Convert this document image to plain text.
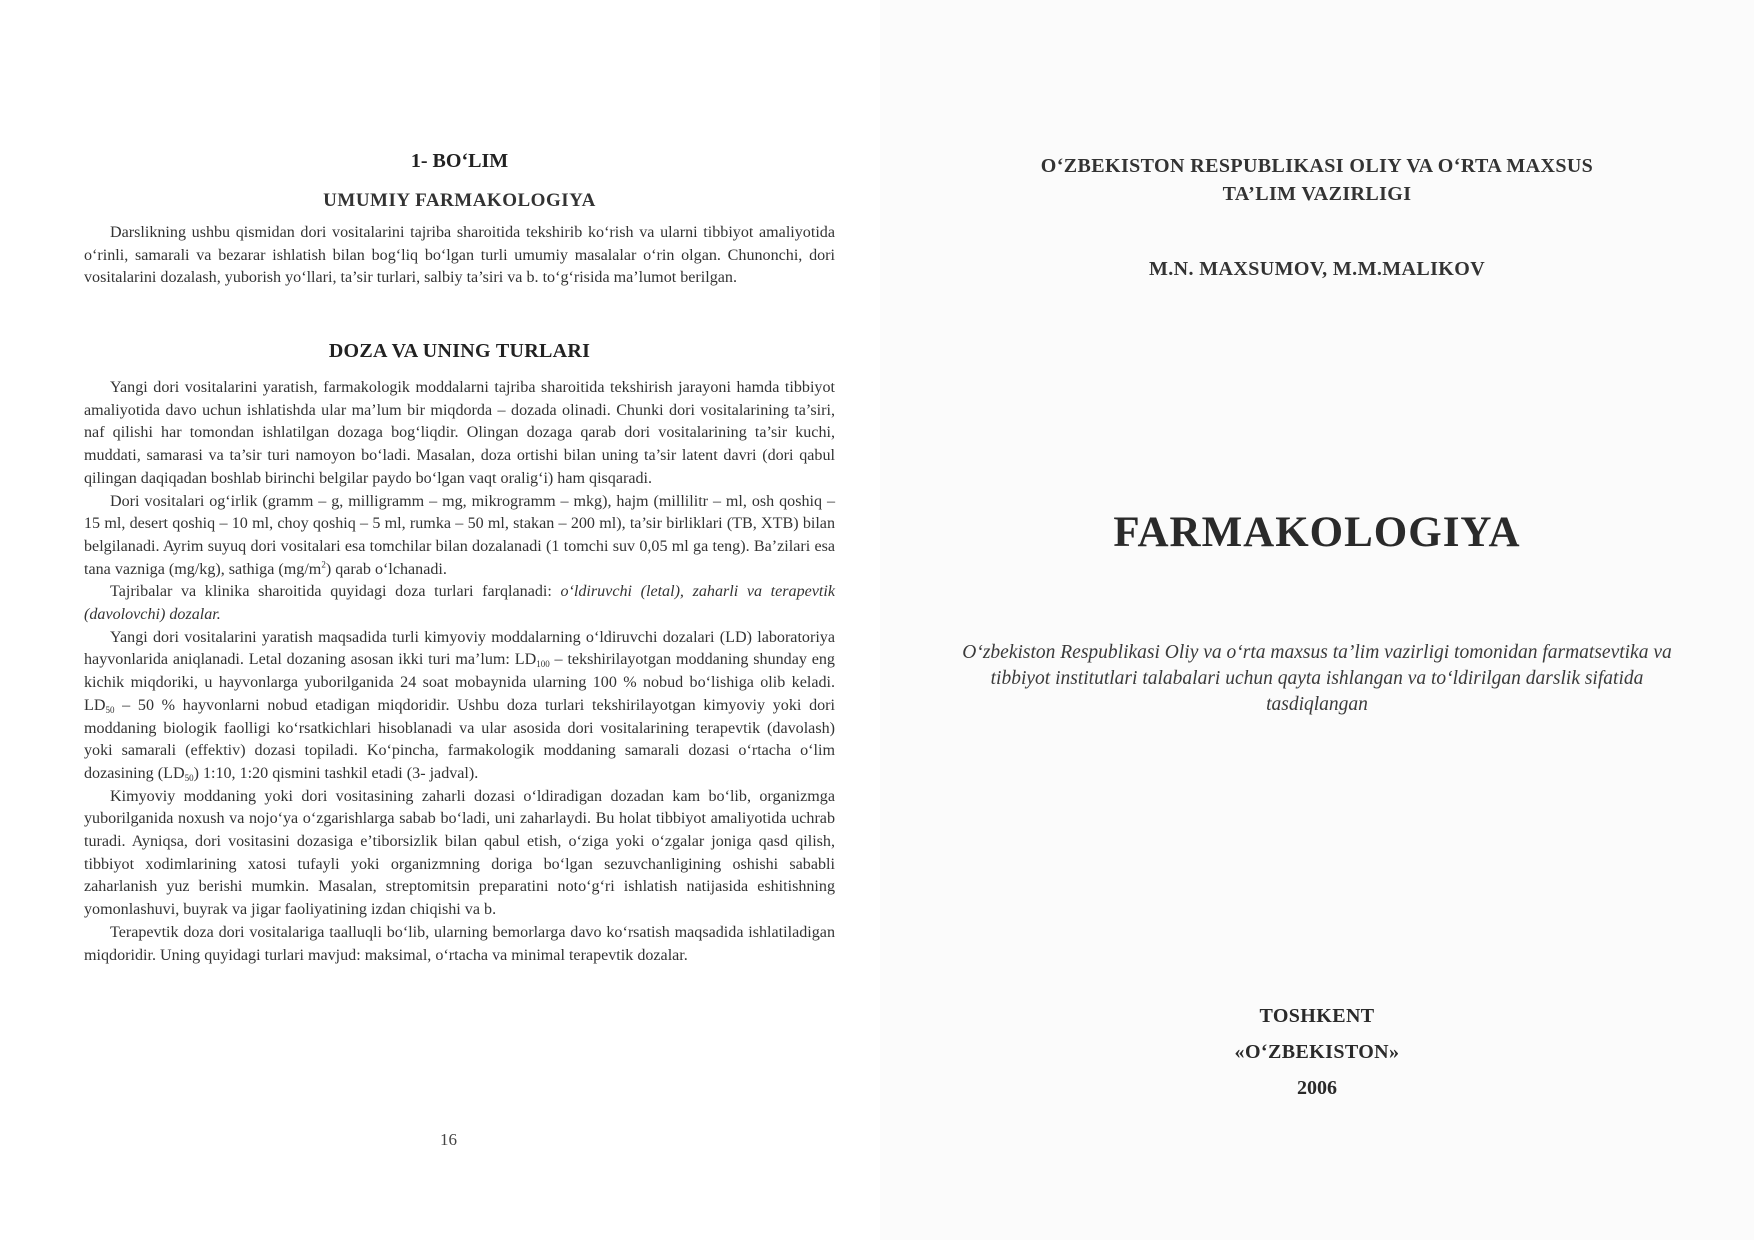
1- BO‘LIM
UMUMIY FARMAKOLOGIYA

Darslikning ushbu qismidan dori vositalarini tajriba sharoitida tekshirib ko‘rish va ularni tibbiyot amaliyotida o‘rinli, samarali va bezarar ishlatish bilan bog‘liq bo‘lgan turli umumiy masalalar o‘rin olgan. Chunonchi, dori vositalarini dozalash, yuborish yo‘llari, ta’sir turlari, salbiy ta’siri va b. to‘g‘risida ma’lumot berilgan.

DOZA VA UNING TURLARI

Yangi dori vositalarini yaratish, farmakologik moddalarni tajriba sharoitida tekshirish jarayoni hamda tibbiyot amaliyotida davo uchun ishlatishda ular ma’lum bir miqdorda – dozada olinadi. Chunki dori vositalarining ta’siri, naf qilishi har tomondan ishlatilgan dozaga bog‘liqdir. Olingan dozaga qarab dori vositalarining ta’sir kuchi, muddati, samarasi va ta’sir turi namoyon bo‘ladi. Masalan, doza ortishi bilan uning ta’sir latent davri (dori qabul qilingan daqiqadan boshlab birinchi belgilar paydo bo‘lgan vaqt oralig‘i) ham qisqaradi.

Dori vositalari og‘irlik (gramm – g, milligramm – mg, mikrogramm – mkg), hajm (millilitr – ml, osh qoshiq – 15 ml, desert qoshiq – 10 ml, choy qoshiq – 5 ml, rumka – 50 ml, stakan – 200 ml), ta’sir birliklari (TB, XTB) bilan belgilanadi. Ayrim suyuq dori vositalari esa tomchilar bilan dozalanadi (1 tomchi suv 0,05 ml ga teng). Ba’zilari esa tana vazniga (mg/kg), sathiga $(mg/m^2)$ qarab o‘lchanadi.

Tajribalar va klinika sharoitida quyidagi doza turlari farqlanadi: o‘ldiruvchi (letal), zaharli va terapevtik (davolovchi) dozalar.

Yangi dori vositalarini yaratish maqsadida turli kimyoviy moddalarning o‘ldiruvchi dozalari (LD) laboratoriya hayvonlarida aniqlanadi. Letal dozaning asosan ikki turi ma’lum: $LD_{100}$ – tekshirilayotgan moddaning shunday eng kichik miqdoriki, u hayvonlarga yuborilganida 24 soat mobaynida ularning 100 % nobud bo‘lishiga olib keladi. $LD_{50} - 50$ % hayvonlarni nobud etadigan miqdoridir. Ushbu doza turlari tekshirilayotgan kimyoviy yoki dori moddaning biologik faolligi ko‘rsatkichlari hisoblanadi va ular asosida dori vositalarining terapevtik (davolash) yoki samarali (effektiv) dozasi topiladi. Ko‘pincha, farmakologik moddaning samarali dozasi o‘rtacha o‘lim dozasining $(LD_{50})$ 1:10, 1:20 qismini tashkil etadi (3- jadval).

Kimyoviy moddaning yoki dori vositasining zaharli dozasi o‘ldiradigan dozadan kam bo‘lib, organizmga yuborilganida noxush va nojo‘ya o‘zgarishlarga sabab bo‘ladi, uni zaharlaydi. Bu holat tibbiyot amaliyotida uchrab turadi. Ayniqsa, dori vositasini dozasiga e’tiborsizlik bilan qabul etish, o‘ziga yoki o‘zgalar joniga qasd qilish, tibbiyot xodimlarining xatosi tufayli yoki organizmning doriga bo‘lgan sezuvchanligining oshishi sababli zaharlanish yuz berishi mumkin. Masalan, streptomitsin preparatini noto‘g‘ri ishlatish natijasida eshitishning yomonlashuvi, buyrak va jigar faoliyatining izdan chiqishi va b.

Terapevtik doza dori vositalariga taalluqli bo‘lib, ularning bemorlarga davo ko‘rsatish maqsadida ishlatiladigan miqdoridir. Uning quyidagi turlari mavjud: maksimal, o‘rtacha va minimal terapevtik dozalar.

16
O‘ZBEKISTON RESPUBLIKASI OLIY VA O‘RTA MAXSUS
TA’LIM VAZIRLIGI
M.N. MAXSUMOV, M.M.MALIKOV
FARMAKOLOGIYA
O‘zbekiston Respublikasi Oliy va o‘rta maxsus ta’lim vazirligi tomonidan farmatsevtika va tibbiyot institutlari talabalari uchun qayta ishlangan va to‘ldirilgan darslik sifatida tasdiqlangan
TOSHKENT
«O‘ZBEKISTON»
2006
